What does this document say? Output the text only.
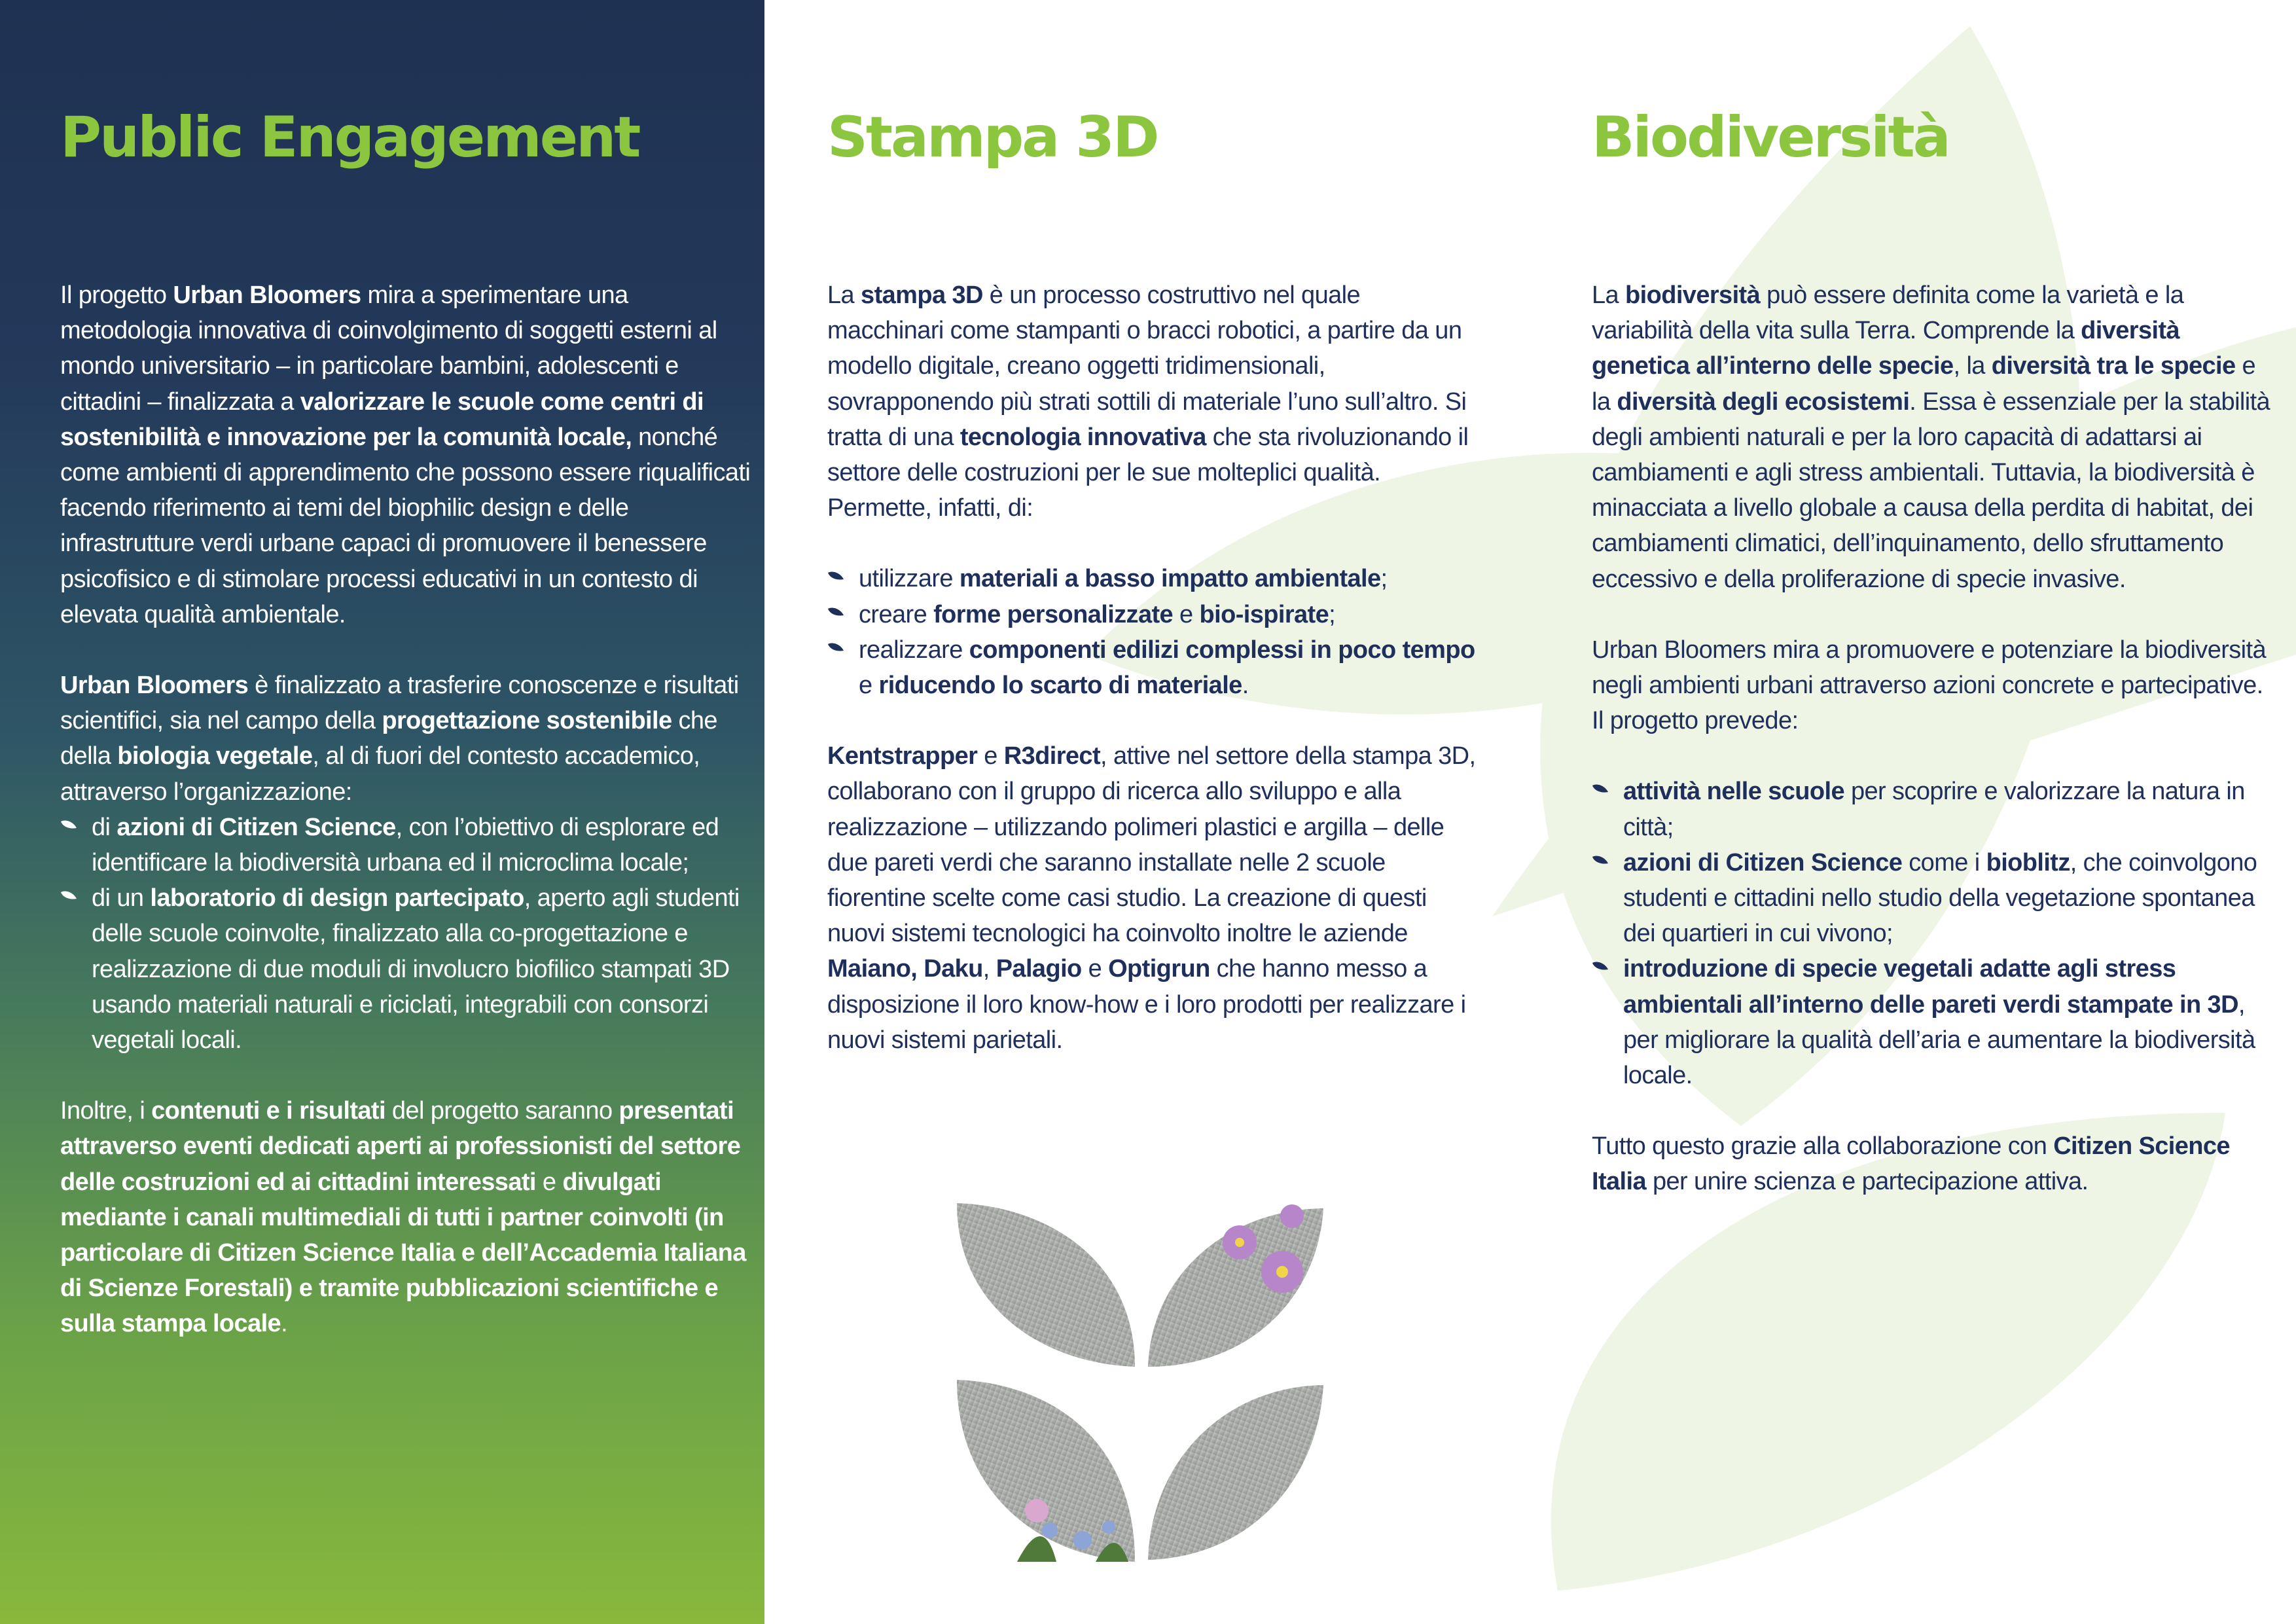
Public Engagement	Stampa 3D	Biodiversità

Il progetto Urban Bloomers mira a sperimentare una metodologia innovativa di coinvolgimento di soggetti esterni al mondo universitario – in particolare bambini, adolescenti e cittadini – finalizzata a valorizzare le scuole come centri di sostenibilità e innovazione per la comunità locale, nonché come ambienti di apprendimento che possono essere riqualificati facendo riferimento ai temi del biophilic design e delle infrastrutture verdi urbane capaci di promuovere il benessere psicofisico e di stimolare processi educativi in un contesto di elevata qualità ambientale.

Urban Bloomers è finalizzato a trasferire conoscenze e risultati scientifici, sia nel campo della progettazione sostenibile che della biologia vegetale, al di fuori del contesto accademico, attraverso l’organizzazione:

di azioni di Citizen Science, con l’obiettivo di esplorare ed identificare la biodiversità urbana ed il microclima locale;
di un laboratorio di design partecipato, aperto agli studenti delle scuole coinvolte, finalizzato alla co-progettazione e realizzazione di due moduli di involucro biofilico stampati 3D usando materiali naturali e riciclati, integrabili con consorzi vegetali locali.

Inoltre, i contenuti e i risultati del progetto saranno presentati attraverso eventi dedicati aperti ai professionisti del settore delle costruzioni ed ai cittadini interessati e divulgati mediante i canali multimediali di tutti i partner coinvolti (in particolare di Citizen Science Italia e dell’Accademia Italiana di Scienze Forestali) e tramite pubblicazioni scientifiche e sulla stampa locale.

La stampa 3D è un processo costruttivo nel quale macchinari come stampanti o bracci robotici, a partire da un modello digitale, creano oggetti tridimensionali, sovrapponendo più strati sottili di materiale l’uno sull’altro. Si tratta di una tecnologia innovativa che sta rivoluzionando il settore delle costruzioni per le sue molteplici qualità. Permette, infatti, di:

utilizzare materiali a basso impatto ambientale;
creare forme personalizzate e bio-ispirate;
realizzare componenti edilizi complessi in poco tempo e riducendo lo scarto di materiale.

Kentstrapper e R3direct, attive nel settore della stampa 3D, collaborano con il gruppo di ricerca allo sviluppo e alla realizzazione – utilizzando polimeri plastici e argilla – delle due pareti verdi che saranno installate nelle 2 scuole fiorentine scelte come casi studio. La creazione di questi nuovi sistemi tecnologici ha coinvolto inoltre le aziende Maiano, Daku, Palagio e Optigrun che hanno messo a disposizione il loro know-how e i loro prodotti per realizzare i nuovi sistemi parietali.

La biodiversità può essere definita come la varietà e la variabilità della vita sulla Terra. Comprende la diversità genetica all’interno delle specie, la diversità tra le specie e la diversità degli ecosistemi. Essa è essenziale per la stabilità degli ambienti naturali e per la loro capacità di adattarsi ai cambiamenti e agli stress ambientali. Tuttavia, la biodiversità è minacciata a livello globale a causa della perdita di habitat, dei cambiamenti climatici, dell’inquinamento, dello sfruttamento eccessivo e della proliferazione di specie invasive.

Urban Bloomers mira a promuovere e potenziare la biodiversità negli ambienti urbani attraverso azioni concrete e partecipative. Il progetto prevede:

attività nelle scuole per scoprire e valorizzare la natura in città;
azioni di Citizen Science come i bioblitz, che coinvolgono studenti e cittadini nello studio della vegetazione spontanea dei quartieri in cui vivono;
introduzione di specie vegetali adatte agli stress ambientali all’interno delle pareti verdi stampate in 3D, per migliorare la qualità dell’aria e aumentare la biodiversità locale.

Tutto questo grazie alla collaborazione con Citizen Science Italia per unire scienza e partecipazione attiva.
